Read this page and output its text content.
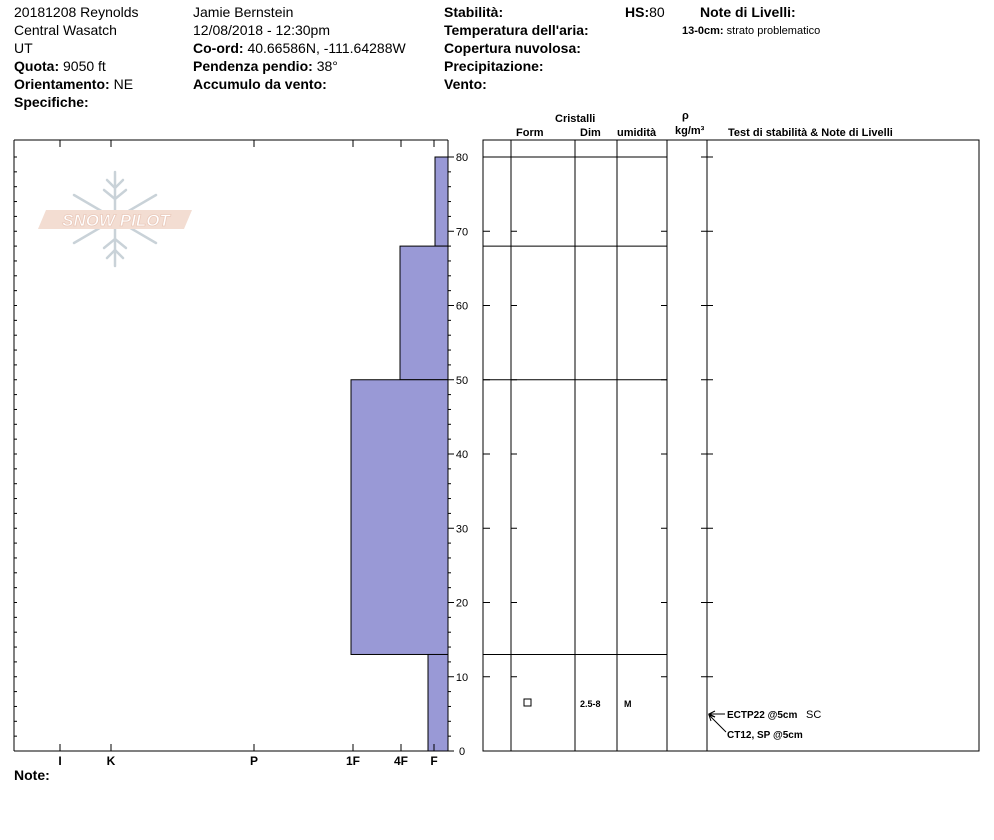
20181208 Reynolds
Central Wasatch
UT
Quota: 9050 ft
Orientamento: NE
Specifiche:
Jamie Bernstein
12/08/2018 - 12:30pm
Co-ord: 40.66586N, -111.64288W
Pendenza pendio: 38°
Accumulo da vento:
Stabilità:
Temperatura dell'aria:
Copertura nuvolosa:
Precipitazione:
Vento:
HS:80	Note di Livelli:
13-0cm: strato problematico
Cristalli
Form	Dim umidità
ρ
kg/m³ Test di stabilità & Note di Livelli
SNOW PILOT
0
10
20
30
40
50
60
70
80
I	K	P	1F	4F F
2.5-8	M
ECTP22 @5cm SC
CT12, SP @5cm
Note:
